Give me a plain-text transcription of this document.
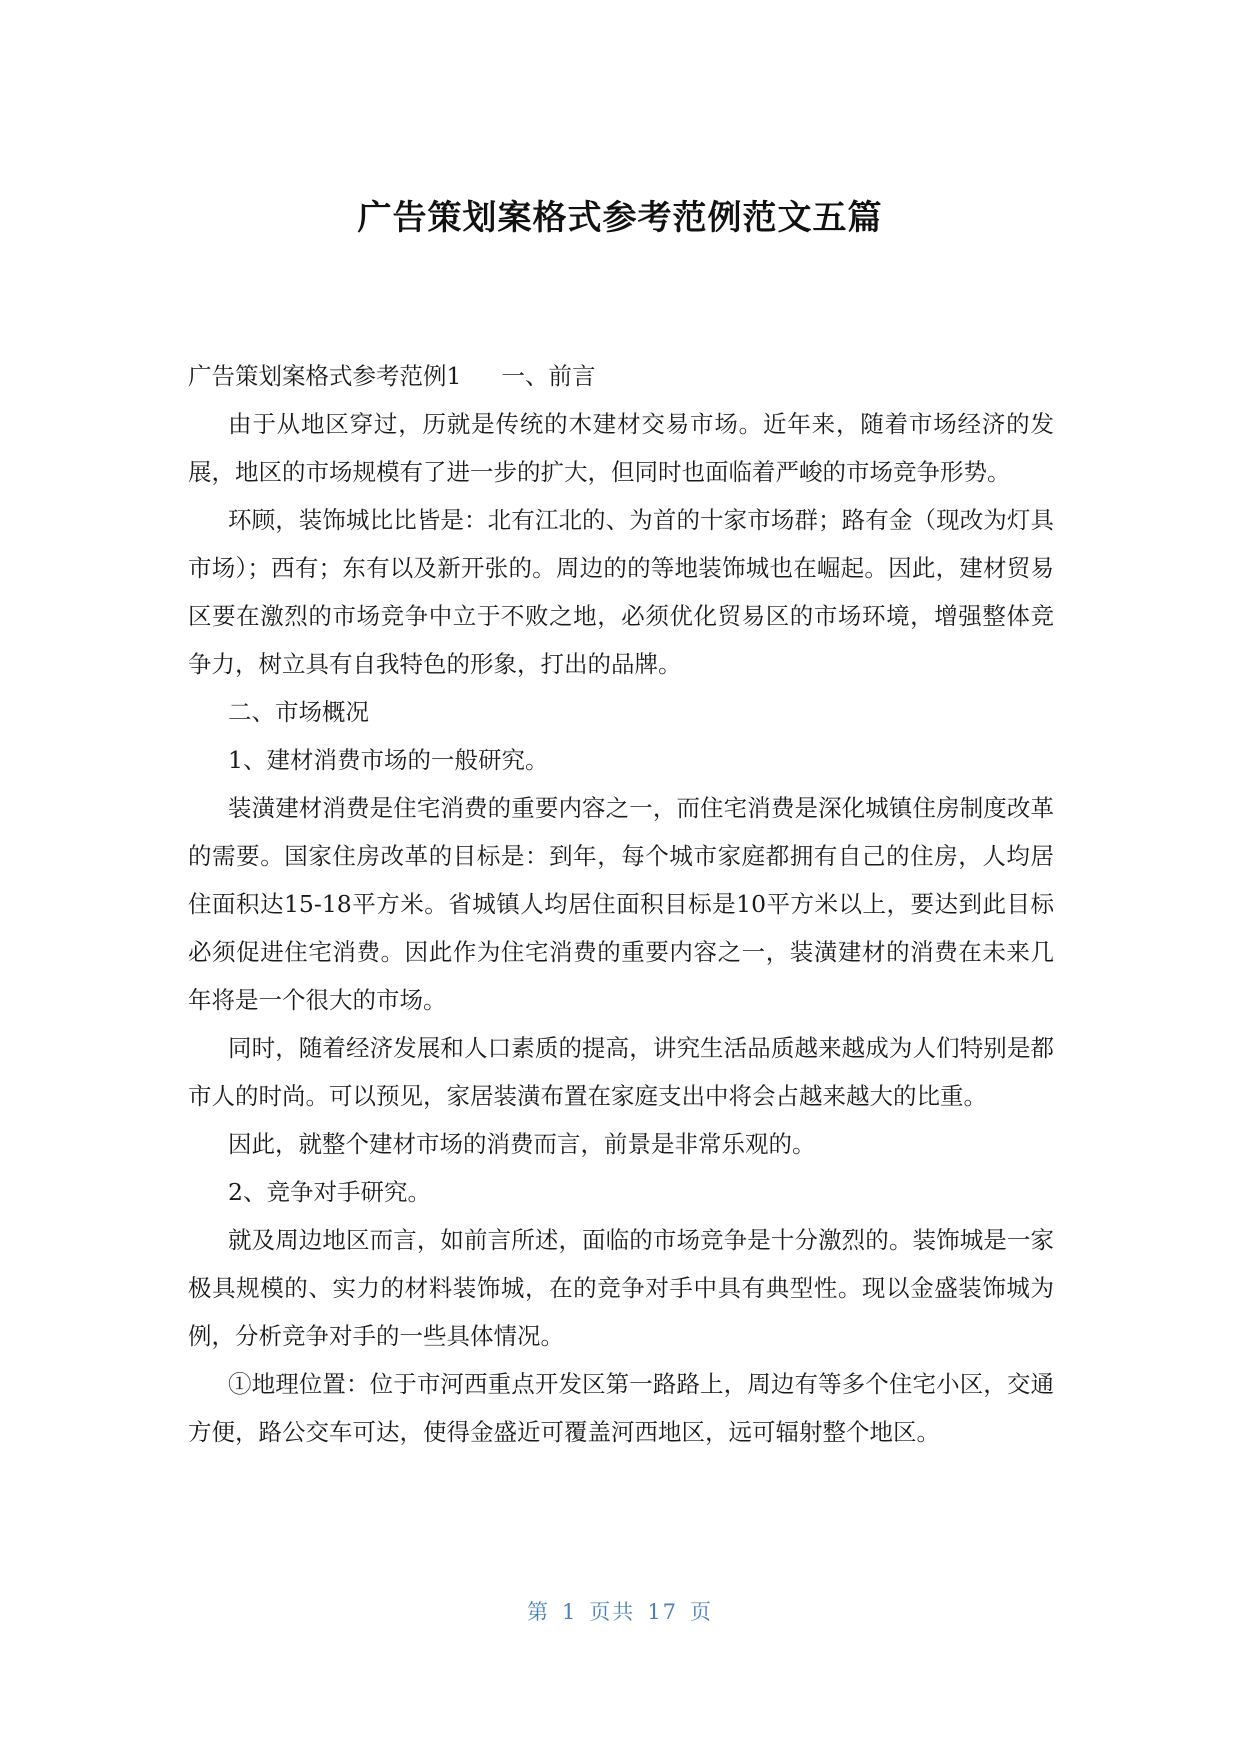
广告策划案格式参考范例范文五篇

广告策划案格式参考范例1 一、前言

由于从地区穿过，历就是传统的木建材交易市场。近年来，随着市场经济的发展，地区的市场规模有了进一步的扩大，但同时也面临着严峻的市场竞争形势。

环顾，装饰城比比皆是：北有江北的、为首的十家市场群；路有金（现改为灯具市场）；西有；东有以及新开张的。周边的的等地装饰城也在崛起。因此，建材贸易区要在激烈的市场竞争中立于不败之地，必须优化贸易区的市场环境，增强整体竞争力，树立具有自我特色的形象，打出的品牌。

二、市场概况

1、建材消费市场的一般研究。

装潢建材消费是住宅消费的重要内容之一，而住宅消费是深化城镇住房制度改革的需要。国家住房改革的目标是：到年，每个城市家庭都拥有自己的住房，人均居住面积达15-18平方米。省城镇人均居住面积目标是10平方米以上，要达到此目标必须促进住宅消费。因此作为住宅消费的重要内容之一，装潢建材的消费在未来几年将是一个很大的市场。

同时，随着经济发展和人口素质的提高，讲究生活品质越来越成为人们特别是都市人的时尚。可以预见，家居装潢布置在家庭支出中将会占越来越大的比重。

因此，就整个建材市场的消费而言，前景是非常乐观的。

2、竞争对手研究。

就及周边地区而言，如前言所述，面临的市场竞争是十分激烈的。装饰城是一家极具规模的、实力的材料装饰城，在的竞争对手中具有典型性。现以金盛装饰城为例，分析竞争对手的一些具体情况。

①地理位置：位于市河西重点开发区第一路路上，周边有等多个住宅小区，交通方便，路公交车可达，使得金盛近可覆盖河西地区，远可辐射整个地区。

第 1 页共 17 页
